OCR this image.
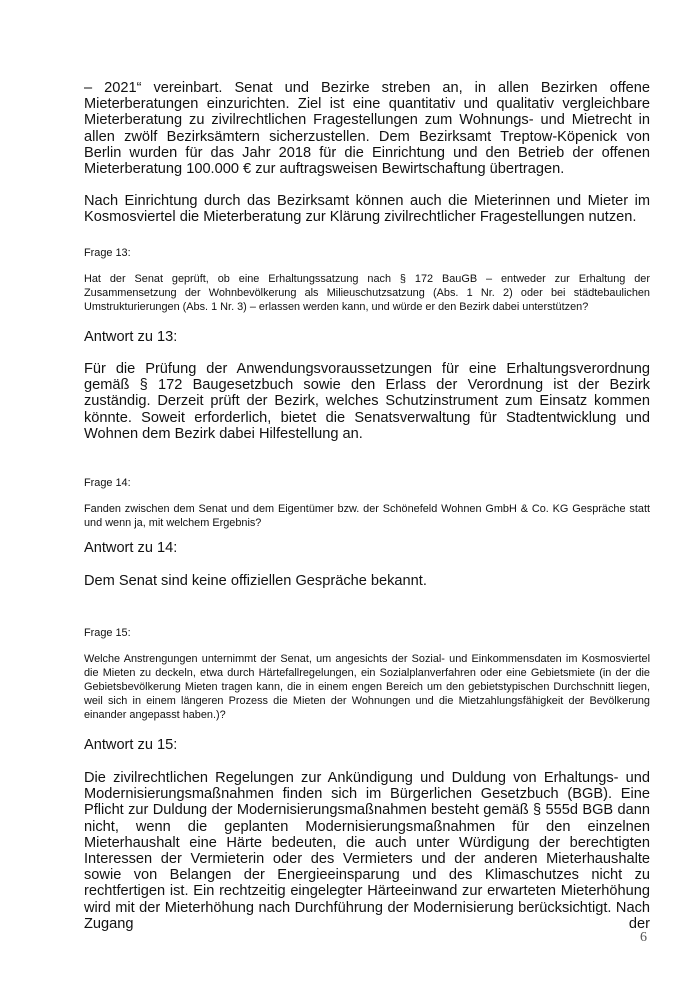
– 2021“ vereinbart. Senat und Bezirke streben an, in allen Bezirken offene Mieterberatungen einzurichten. Ziel ist eine quantitativ und qualitativ vergleichbare Mieterberatung zu zivilrechtlichen Fragestellungen zum Wohnungs- und Mietrecht in allen zwölf Bezirksämtern sicherzustellen. Dem Bezirksamt Treptow-Köpenick von Berlin wurden für das Jahr 2018 für die Einrichtung und den Betrieb der offenen Mieterberatung 100.000 € zur auftragsweisen Bewirtschaftung übertragen.

Nach Einrichtung durch das Bezirksamt können auch die Mieterinnen und Mieter im Kosmosviertel die Mieterberatung zur Klärung zivilrechtlicher Fragestellungen nutzen.

Frage 13:

Hat der Senat geprüft, ob eine Erhaltungssatzung nach § 172 BauGB – entweder zur Erhaltung der Zusammensetzung der Wohnbevölkerung als Milieuschutzsatzung (Abs. 1 Nr. 2) oder bei städtebaulichen Umstrukturierungen (Abs. 1 Nr. 3) – erlassen werden kann, und würde er den Bezirk dabei unterstützen?

Antwort zu 13:

Für die Prüfung der Anwendungsvoraussetzungen für eine Erhaltungsverordnung gemäß § 172 Baugesetzbuch sowie den Erlass der Verordnung ist der Bezirk zuständig. Derzeit prüft der Bezirk, welches Schutzinstrument zum Einsatz kommen könnte. Soweit erforderlich, bietet die Senatsverwaltung für Stadtentwicklung und Wohnen dem Bezirk dabei Hilfestellung an.

Frage 14:

Fanden zwischen dem Senat und dem Eigentümer bzw. der Schönefeld Wohnen GmbH & Co. KG Gespräche statt und wenn ja, mit welchem Ergebnis?

Antwort zu 14:

Dem Senat sind keine offiziellen Gespräche bekannt.

Frage 15:

Welche Anstrengungen unternimmt der Senat, um angesichts der Sozial- und Einkommensdaten im Kosmosviertel die Mieten zu deckeln, etwa durch Härtefallregelungen, ein Sozialplanverfahren oder eine Gebietsmiete (in der die Gebietsbevölkerung Mieten tragen kann, die in einem engen Bereich um den gebietstypischen Durchschnitt liegen, weil sich in einem längeren Prozess die Mieten der Wohnungen und die Mietzahlungsfähigkeit der Bevölkerung einander angepasst haben.)?

Antwort zu 15:

Die zivilrechtlichen Regelungen zur Ankündigung und Duldung von Erhaltungs- und Modernisierungsmaßnahmen finden sich im Bürgerlichen Gesetzbuch (BGB). Eine Pflicht zur Duldung der Modernisierungsmaßnahmen besteht gemäß § 555d BGB dann nicht, wenn die geplanten Modernisierungsmaßnahmen für den einzelnen Mieterhaushalt eine Härte bedeuten, die auch unter Würdigung der berechtigten Interessen der Vermieterin oder des Vermieters und der anderen Mieterhaushalte sowie von Belangen der Energieeinsparung und des Klimaschutzes nicht zu rechtfertigen ist. Ein rechtzeitig eingelegter Härteeinwand zur erwarteten Mieterhöhung wird mit der Mieterhöhung nach Durchführung der Modernisierung berücksichtigt. Nach Zugang der

6
